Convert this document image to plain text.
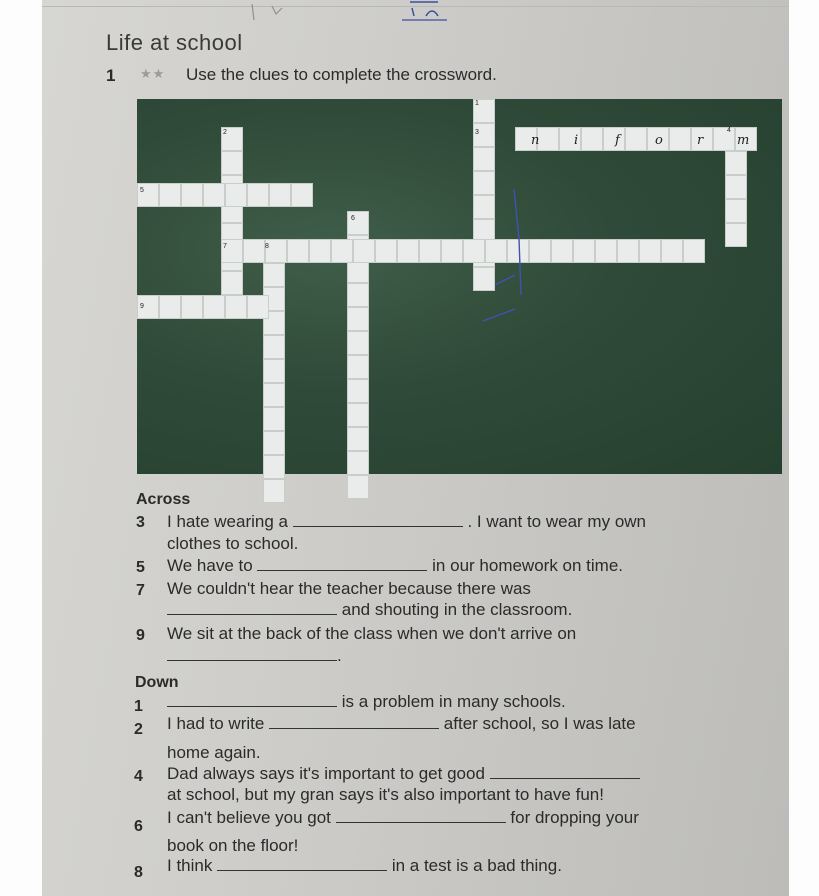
Life at school
1 ★★ Use the clues to complete the crossword.
1
2	3	4
5
6
7	8
9
n	i	f	o	r	m
Across
3 I hate wearing a	. I want to wear my own
clothes to school.
5 We have to	in our homework on time.
7 We couldn't hear the teacher because there was
and shouting in the classroom.
9 We sit at the back of the class when we don't arrive on
.
Down
1	is a problem in many schools.
2 I had to write	after school, so I was late
home again.
4 Dad always says it's important to get good
at school, but my gran says it's also important to have fun!
6 I can't believe you got	for dropping your
book on the floor!
8 I think	in a test is a bad thing.
